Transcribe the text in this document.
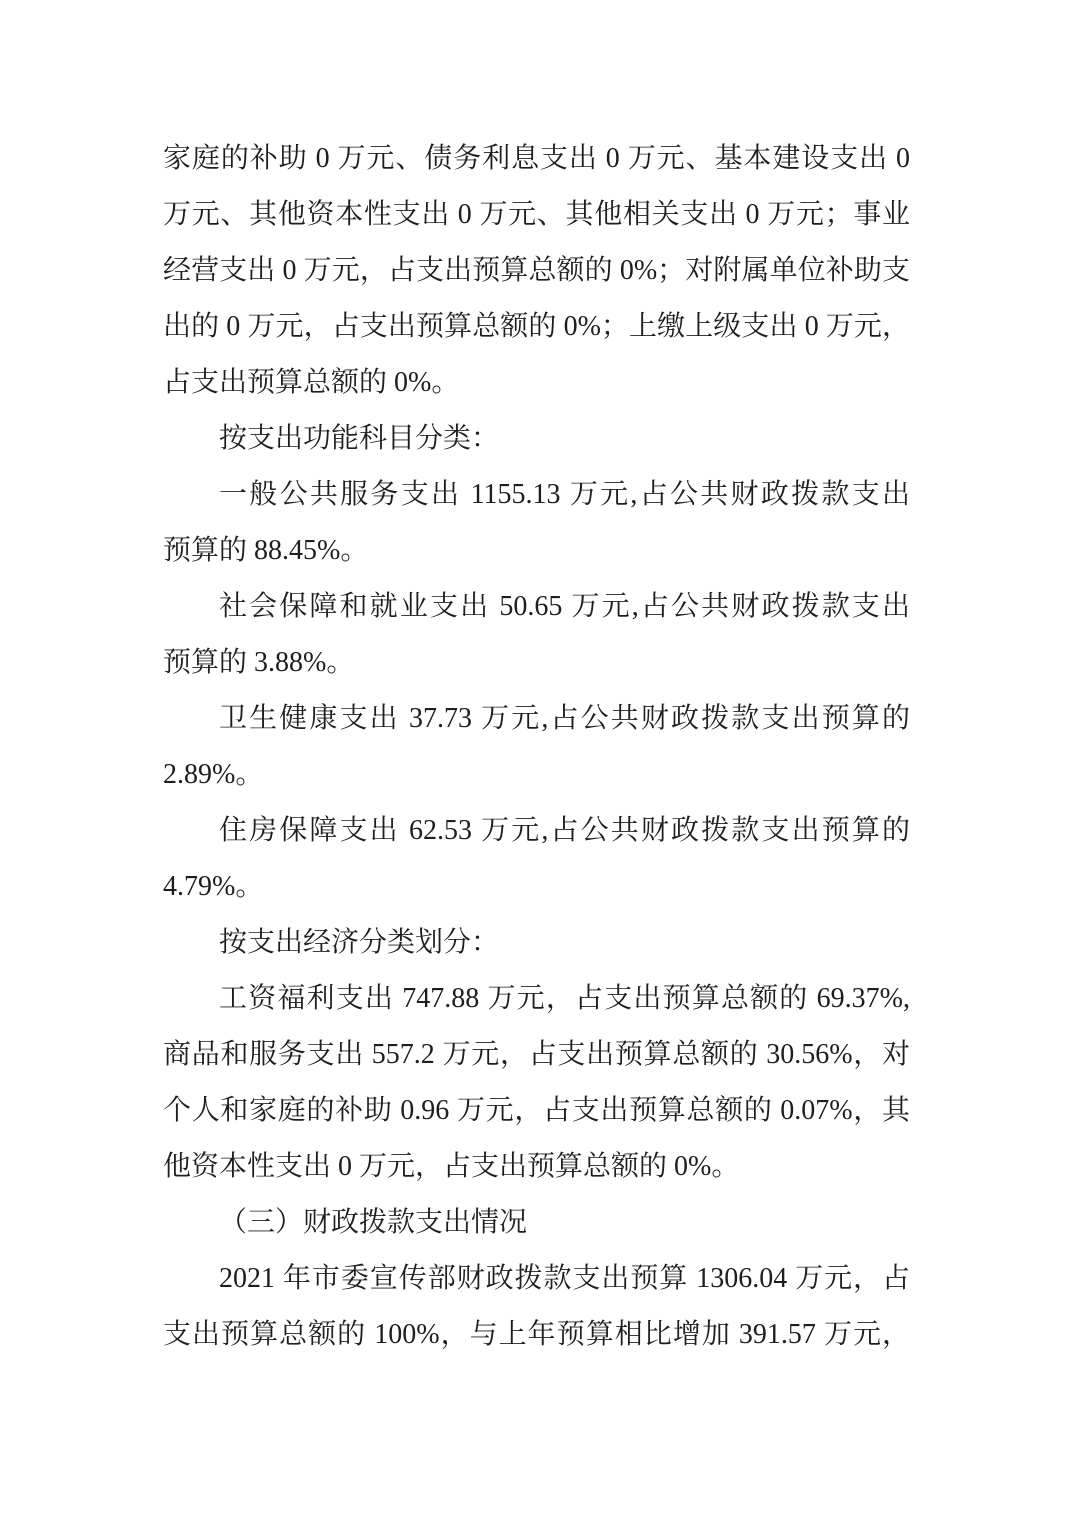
家庭的补助 0 万元、债务利息支出 0 万元、基本建设支出 0
万元、其他资本性支出 0 万元、其他相关支出 0 万元；事业
经营支出 0 万元，占支出预算总额的 0%；对附属单位补助支
出的 0 万元，占支出预算总额的 0%；上缴上级支出 0 万元，
占支出预算总额的 0%。

按支出功能科目分类：

一般公共服务支出 1155.13 万元,占公共财政拨款支出
预算的 88.45%。

社会保障和就业支出 50.65 万元,占公共财政拨款支出
预算的 3.88%。

卫生健康支出 37.73 万元,占公共财政拨款支出预算的
2.89%。

住房保障支出 62.53 万元,占公共财政拨款支出预算的
4.79%。

按支出经济分类划分：

工资福利支出 747.88 万元，占支出预算总额的 69.37%,
商品和服务支出 557.2 万元，占支出预算总额的 30.56%，对
个人和家庭的补助 0.96 万元，占支出预算总额的 0.07%，其
他资本性支出 0 万元，占支出预算总额的 0%。

（三）财政拨款支出情况

2021 年市委宣传部财政拨款支出预算 1306.04 万元，占
支出预算总额的 100%，与上年预算相比增加 391.57 万元，
